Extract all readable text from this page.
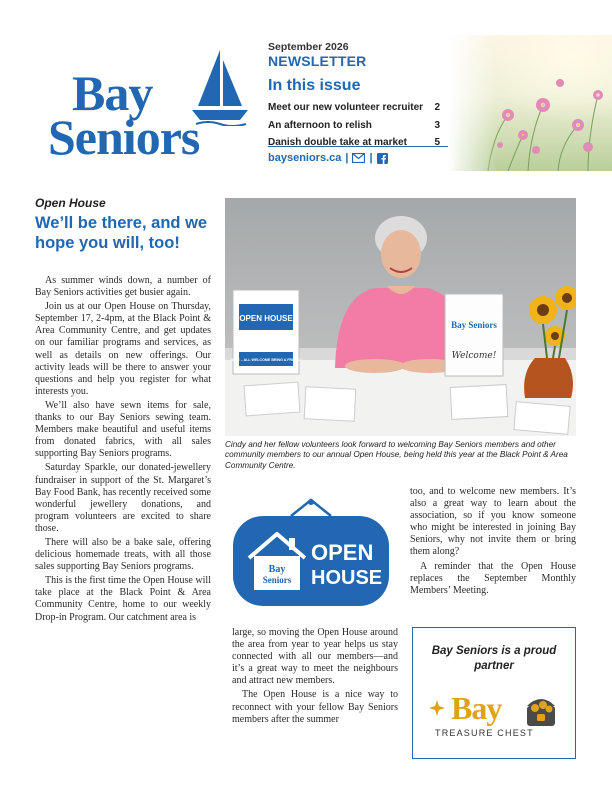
Bay
Seniors
September 2026
NEWSLETTER
In this issue
Meet our new volunteer recruiter 2
An afternoon to relish	3
Danish double take at market	5
bayseniors.ca | |
Open House
We’ll be there, and we hope you will, too!

As summer winds down, a number of Bay Seniors activities get busier again.

Join us at our Open House on Thursday, September 17, 2-4pm, at the Black Point & Area Community Centre, and get updates on our familiar programs and services, as well as details on new offerings. Our activity leads will be there to answer your questions and help you register for what interests you.

We’ll also have sewn items for sale, thanks to our Bay Seniors sewing team. Members make beautiful and useful items from donated fabrics, with all sales supporting Bay Seniors programs.

Saturday Sparkle, our donated-jewellery fundraiser in support of the St. Margaret’s Bay Food Bank, has recently received some wonderful jewellery donations, and program volunteers are excited to share those.

There will also be a bake sale, offering delicious homemade treats, with all those sales supporting Bay Seniors programs.

This is the first time the Open House will take place at the Black Point & Area Community Centre, home to our weekly Drop-in Program. Our catchment area is

OPEN HOUSE
FREE – ALL WELCOME BRING A FRIEND!
Bay Seniors
Welcome!
Cindy and her fellow volunteers look forward to welcoming Bay Seniors members and other community members to our annual Open House, being held this year at the Black Point & Area Community Centre.
Bay
Seniors
OPEN
HOUSE

large, so moving the Open House around the area from year to year helps us stay connected with all our members—and it’s a great way to meet the neighbours and attract new members.

The Open House is a nice way to reconnect with your fellow Bay Seniors members after the summer

too, and to welcome new members. It’s also a great way to learn about the association, so if you know someone who might be interested in joining Bay Seniors, why not invite them or bring them along?

A reminder that the Open House replaces the September Monthly Members’ Meeting.

Bay Seniors is a proud partner
Bay
TREASURE CHEST
